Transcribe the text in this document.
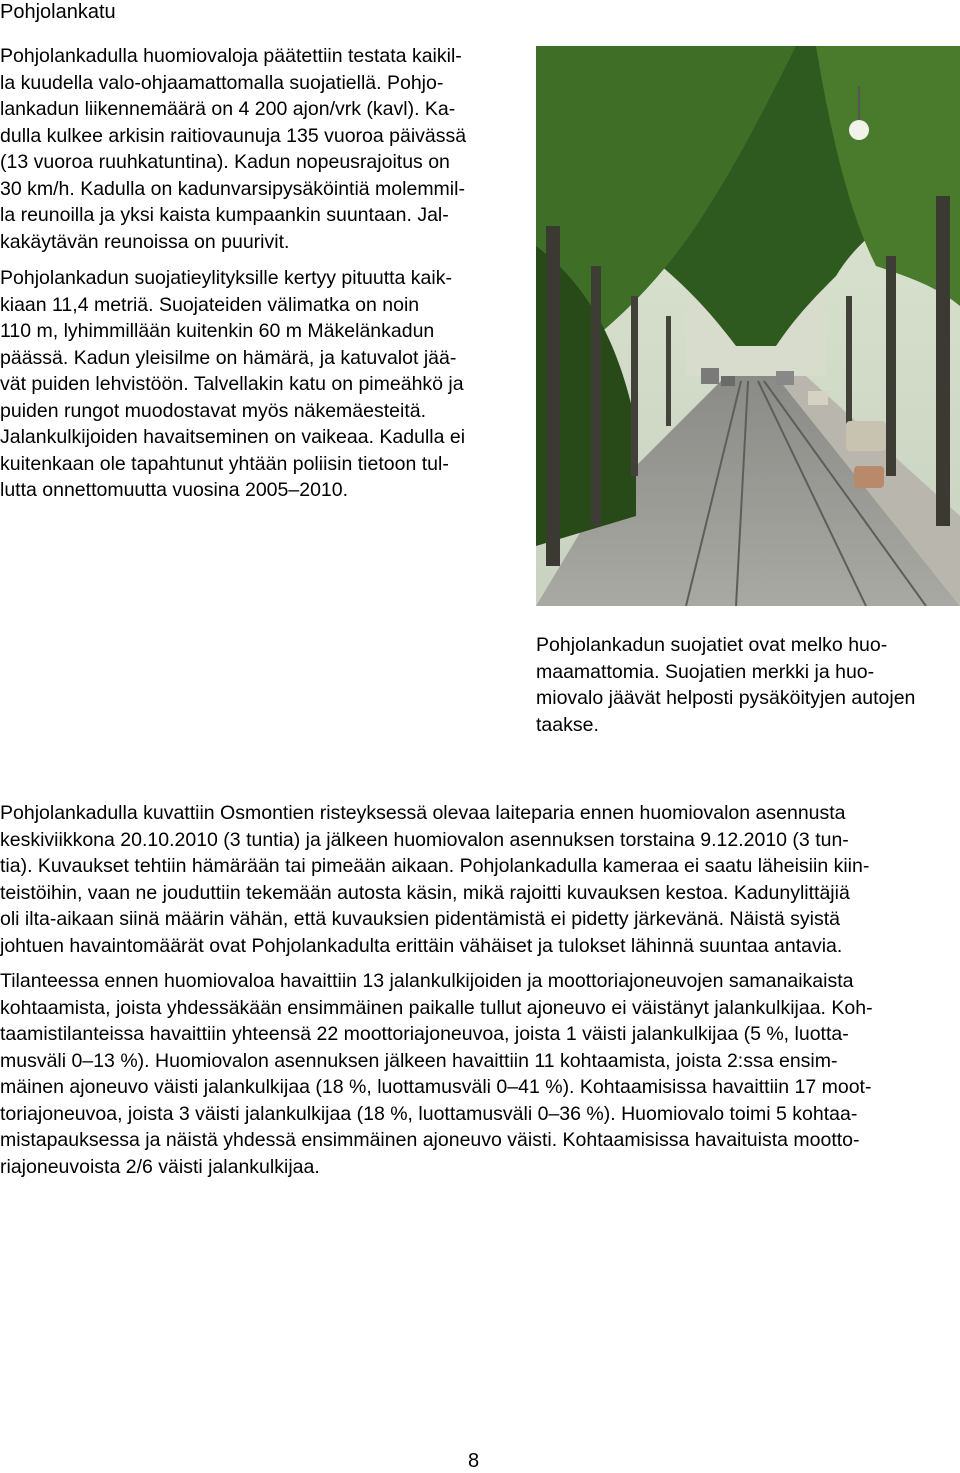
Pohjolankatu
Pohjolankadulla huomiovaloja päätettiin testata kaikil-
la kuudella valo-ohjaamattomalla suojatiellä. Pohjo-
lankadun liikennemäärä on 4 200 ajon/vrk (kavl). Ka-
dulla kulkee arkisin raitiovaunuja 135 vuoroa päivässä
(13 vuoroa ruuhkatuntina). Kadun nopeusrajoitus on
30 km/h. Kadulla on kadunvarsipysäköintiä molemmil-
la reunoilla ja yksi kaista kumpaankin suuntaan. Jal-
kakäytävän reunoissa on puurivit.
Pohjolankadun suojatieylityksille kertyy pituutta kaik-
kiaan 11,4 metriä. Suojateiden välimatka on noin
110 m, lyhimmillään kuitenkin 60 m Mäkelänkadun
päässä. Kadun yleisilme on hämärä, ja katuvalot jää-
vät puiden lehvistöön. Talvellakin katu on pimeähkö ja
puiden rungot muodostavat myös näkemäesteitä.
Jalankulkijoiden havaitseminen on vaikeaa. Kadulla ei
kuitenkaan ole tapahtunut yhtään poliisin tietoon tul-
lutta onnettomuutta vuosina 2005–2010.
Pohjolankadun suojatiet ovat melko huo-
maamattomia. Suojatien merkki ja huo-
miovalo jäävät helposti pysäköityjen autojen
taakse.
Pohjolankadulla kuvattiin Osmontien risteyksessä olevaa laiteparia ennen huomiovalon asennusta
keskiviikkona 20.10.2010 (3 tuntia) ja jälkeen huomiovalon asennuksen torstaina 9.12.2010 (3 tun-
tia). Kuvaukset tehtiin hämärään tai pimeään aikaan. Pohjolankadulla kameraa ei saatu läheisiin kiin-
teistöihin, vaan ne jouduttiin tekemään autosta käsin, mikä rajoitti kuvauksen kestoa. Kadunylittäjiä
oli ilta-aikaan siinä määrin vähän, että kuvauksien pidentämistä ei pidetty järkevänä. Näistä syistä
johtuen havaintomäärät ovat Pohjolankadulta erittäin vähäiset ja tulokset lähinnä suuntaa antavia.
Tilanteessa ennen huomiovaloa havaittiin 13 jalankulkijoiden ja moottoriajoneuvojen samanaikaista
kohtaamista, joista yhdessäkään ensimmäinen paikalle tullut ajoneuvo ei väistänyt jalankulkijaa. Koh-
taamistilanteissa havaittiin yhteensä 22 moottoriajoneuvoa, joista 1 väisti jalankulkijaa (5 %, luotta-
musväli 0–13 %). Huomiovalon asennuksen jälkeen havaittiin 11 kohtaamista, joista 2:ssa ensim-
mäinen ajoneuvo väisti jalankulkijaa (18 %, luottamusväli 0–41 %). Kohtaamisissa havaittiin 17 moot-
toriajoneuvoa, joista 3 väisti jalankulkijaa (18 %, luottamusväli 0–36 %). Huomiovalo toimi 5 kohtaa-
mistapauksessa ja näistä yhdessä ensimmäinen ajoneuvo väisti. Kohtaamisissa havaituista mootto-
riajoneuvoista 2/6 väisti jalankulkijaa.
8
